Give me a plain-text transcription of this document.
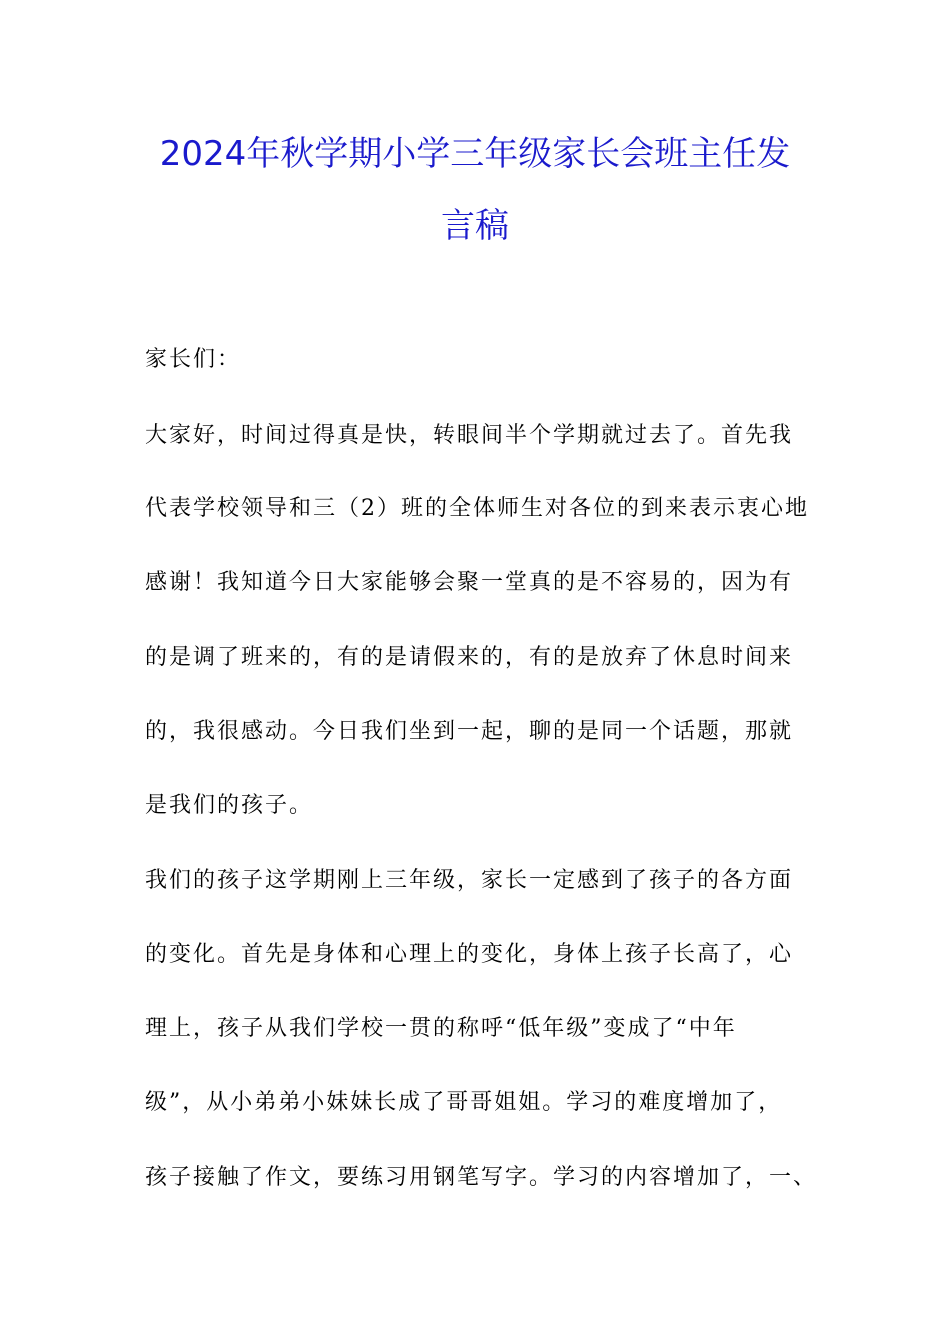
2024年秋学期小学三年级家长会班主任发
言稿

家长们：

大家好，时间过得真是快，转眼间半个学期就过去了。首先我

代表学校领导和三（2）班的全体师生对各位的到来表示衷心地

感谢！我知道今日大家能够会聚一堂真的是不容易的，因为有

的是调了班来的，有的是请假来的，有的是放弃了休息时间来

的，我很感动。今日我们坐到一起，聊的是同一个话题，那就

是我们的孩子。

我们的孩子这学期刚上三年级，家长一定感到了孩子的各方面

的变化。首先是身体和心理上的变化，身体上孩子长高了，心

理上，孩子从我们学校一贯的称呼“低年级”变成了“中年

级”，从小弟弟小妹妹长成了哥哥姐姐。学习的难度增加了，

孩子接触了作文，要练习用钢笔写字。学习的内容增加了，一、
